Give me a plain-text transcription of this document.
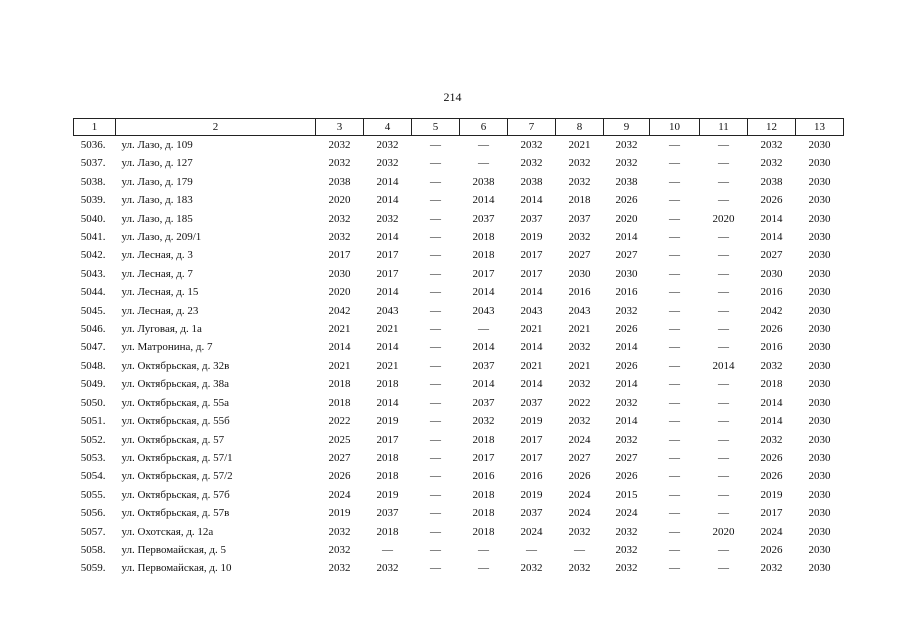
214
1	2	3	4	5	6	7	8	9	10	11	12	13
5036.	ул. Лазо, д. 109	2032	2032	—	—	2032	2021	2032	—	—	2032	2030
5037.	ул. Лазо, д. 127	2032	2032	—	—	2032	2032	2032	—	—	2032	2030
5038.	ул. Лазо, д. 179	2038	2014	—	2038	2038	2032	2038	—	—	2038	2030
5039.	ул. Лазо, д. 183	2020	2014	—	2014	2014	2018	2026	—	—	2026	2030
5040.	ул. Лазо, д. 185	2032	2032	—	2037	2037	2037	2020	—	2020	2014	2030
5041.	ул. Лазо, д. 209/1	2032	2014	—	2018	2019	2032	2014	—	—	2014	2030
5042.	ул. Лесная, д. 3	2017	2017	—	2018	2017	2027	2027	—	—	2027	2030
5043.	ул. Лесная, д. 7	2030	2017	—	2017	2017	2030	2030	—	—	2030	2030
5044.	ул. Лесная, д. 15	2020	2014	—	2014	2014	2016	2016	—	—	2016	2030
5045.	ул. Лесная, д. 23	2042	2043	—	2043	2043	2043	2032	—	—	2042	2030
5046.	ул. Луговая, д. 1а	2021	2021	—	—	2021	2021	2026	—	—	2026	2030
5047.	ул. Матронина, д. 7	2014	2014	—	2014	2014	2032	2014	—	—	2016	2030
5048.	ул. Октябрьская, д. 32в	2021	2021	—	2037	2021	2021	2026	—	2014	2032	2030
5049.	ул. Октябрьская, д. 38а	2018	2018	—	2014	2014	2032	2014	—	—	2018	2030
5050.	ул. Октябрьская, д. 55а	2018	2014	—	2037	2037	2022	2032	—	—	2014	2030
5051.	ул. Октябрьская, д. 55б	2022	2019	—	2032	2019	2032	2014	—	—	2014	2030
5052.	ул. Октябрьская, д. 57	2025	2017	—	2018	2017	2024	2032	—	—	2032	2030
5053.	ул. Октябрьская, д. 57/1	2027	2018	—	2017	2017	2027	2027	—	—	2026	2030
5054.	ул. Октябрьская, д. 57/2	2026	2018	—	2016	2016	2026	2026	—	—	2026	2030
5055.	ул. Октябрьская, д. 57б	2024	2019	—	2018	2019	2024	2015	—	—	2019	2030
5056.	ул. Октябрьская, д. 57в	2019	2037	—	2018	2037	2024	2024	—	—	2017	2030
5057.	ул. Охотская, д. 12а	2032	2018	—	2018	2024	2032	2032	—	2020	2024	2030
5058.	ул. Первомайская, д. 5	2032	—	—	—	—	—	2032	—	—	2026	2030
5059.	ул. Первомайская, д. 10	2032	2032	—	—	2032	2032	2032	—	—	2032	2030
